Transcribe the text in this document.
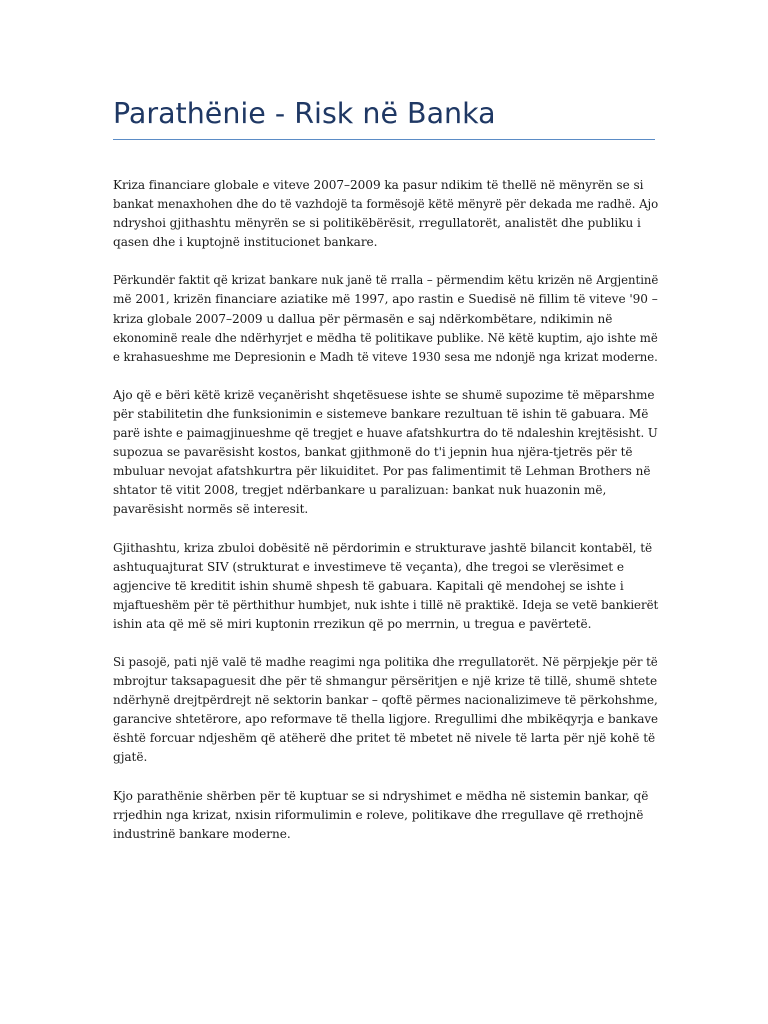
Parathënie - Risk në Banka

Kriza financiare globale e viteve 2007–2009 ka pasur ndikim të thellë në mënyrën se si
bankat menaxhohen dhe do të vazhdojë ta formësojë këtë mënyrë për dekada me radhë. Ajo
ndryshoi gjithashtu mënyrën se si politikëbërësit, rregullatorët, analistët dhe publiku i
qasen dhe i kuptojnë institucionet bankare.

Përkundër faktit që krizat bankare nuk janë të rralla – përmendim këtu krizën në Argjentinë
më 2001, krizën financiare aziatike më 1997, apo rastin e Suedisë në fillim të viteve '90 –
kriza globale 2007–2009 u dallua për përmasën e saj ndërkombëtare, ndikimin në
ekonominë reale dhe ndërhyrjet e mëdha të politikave publike. Në këtë kuptim, ajo ishte më
e krahasueshme me Depresionin e Madh të viteve 1930 sesa me ndonjë nga krizat moderne.

Ajo që e bëri këtë krizë veçanërisht shqetësuese ishte se shumë supozime të mëparshme
për stabilitetin dhe funksionimin e sistemeve bankare rezultuan të ishin të gabuara. Më
parë ishte e paimagjinueshme që tregjet e huave afatshkurtra do të ndaleshin krejtësisht. U
supozua se pavarësisht kostos, bankat gjithmonë do t'i jepnin hua njëra-tjetrës për të
mbuluar nevojat afatshkurtra për likuiditet. Por pas falimentimit të Lehman Brothers në
shtator të vitit 2008, tregjet ndërbankare u paralizuan: bankat nuk huazonin më,
pavarësisht normës së interesit.

Gjithashtu, kriza zbuloi dobësitë në përdorimin e strukturave jashtë bilancit kontabël, të
ashtuquajturat SIV (strukturat e investimeve të veçanta), dhe tregoi se vlerësimet e
agjencive të kreditit ishin shumë shpesh të gabuara. Kapitali që mendohej se ishte i
mjaftueshëm për të përthithur humbjet, nuk ishte i tillë në praktikë. Ideja se vetë bankierët
ishin ata që më së miri kuptonin rrezikun që po merrnin, u tregua e pavërtetë.

Si pasojë, pati një valë të madhe reagimi nga politika dhe rregullatorët. Në përpjekje për të
mbrojtur taksapaguesit dhe për të shmangur përsëritjen e një krize të tillë, shumë shtete
ndërhynë drejtpërdrejt në sektorin bankar – qoftë përmes nacionalizimeve të përkohshme,
garancive shtetërore, apo reformave të thella ligjore. Rregullimi dhe mbikëqyrja e bankave
është forcuar ndjeshëm që atëherë dhe pritet të mbetet në nivele të larta për një kohë të
gjatë.

Kjo parathënie shërben për të kuptuar se si ndryshimet e mëdha në sistemin bankar, që
rrjedhin nga krizat, nxisin riformulimin e roleve, politikave dhe rregullave që rrethojnë
industrinë bankare moderne.
